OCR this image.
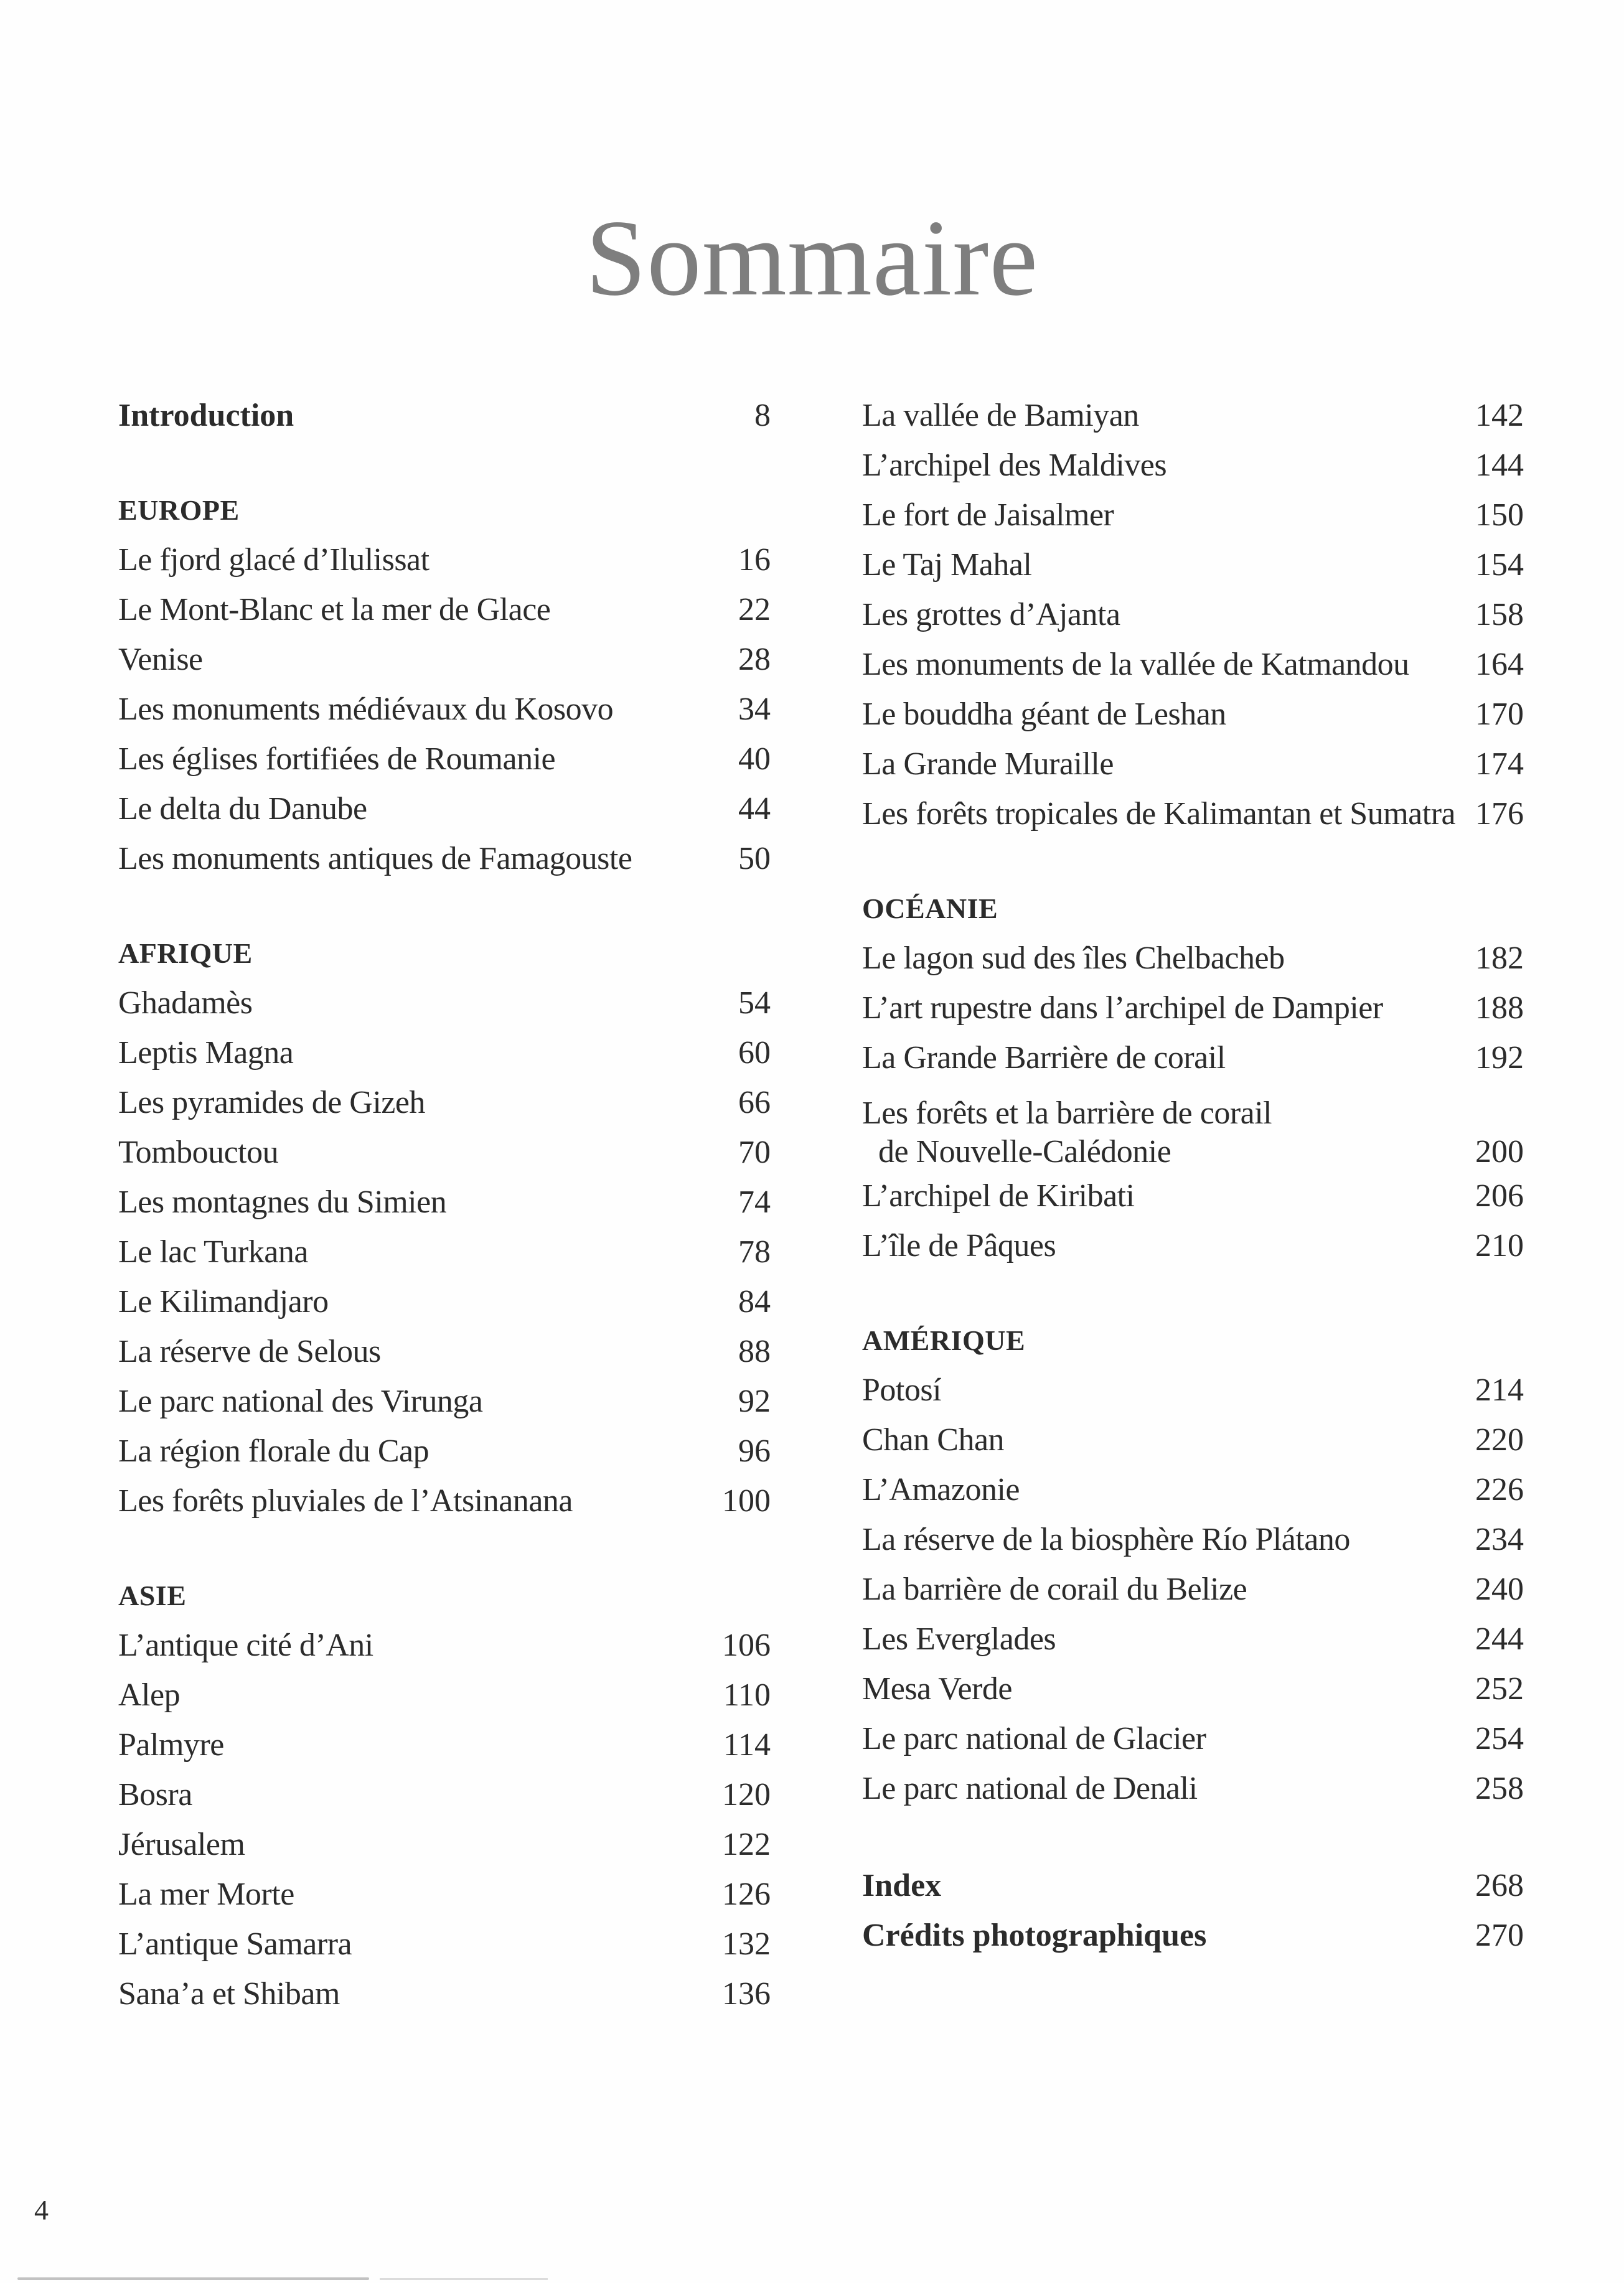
Sommaire
Introduction	8
EUROPE
Le fjord glacé d’Ilulissat	16
Le Mont-Blanc et la mer de Glace	22
Venise	28
Les monuments médiévaux du Kosovo	34
Les églises fortifiées de Roumanie	40
Le delta du Danube	44
Les monuments antiques de Famagouste	50
AFRIQUE
Ghadamès	54
Leptis Magna	60
Les pyramides de Gizeh	66
Tombouctou	70
Les montagnes du Simien	74
Le lac Turkana	78
Le Kilimandjaro	84
La réserve de Selous	88
Le parc national des Virunga	92
La région florale du Cap	96
Les forêts pluviales de l’Atsinanana	100
ASIE
L’antique cité d’Ani	106
Alep	110
Palmyre	114
Bosra	120
Jérusalem	122
La mer Morte	126
L’antique Samarra	132
Sana’a et Shibam	136
La vallée de Bamiyan	142
L’archipel des Maldives	144
Le fort de Jaisalmer	150
Le Taj Mahal	154
Les grottes d’Ajanta	158
Les monuments de la vallée de Katmandou	164
Le bouddha géant de Leshan	170
La Grande Muraille	174
Les forêts tropicales de Kalimantan et Sumatra 176
OCÉANIE
Le lagon sud des îles Chelbacheb	182
L’art rupestre dans l’archipel de Dampier	188
La Grande Barrière de corail	192
Les forêts et la barrière de corail
de Nouvelle-Calédonie	200
L’archipel de Kiribati	206
L’île de Pâques	210
AMÉRIQUE
Potosí	214
Chan Chan	220
L’Amazonie	226
La réserve de la biosphère Río Plátano	234
La barrière de corail du Belize	240
Les Everglades	244
Mesa Verde	252
Le parc national de Glacier	254
Le parc national de Denali	258
Index	268
Crédits photographiques	270
4
